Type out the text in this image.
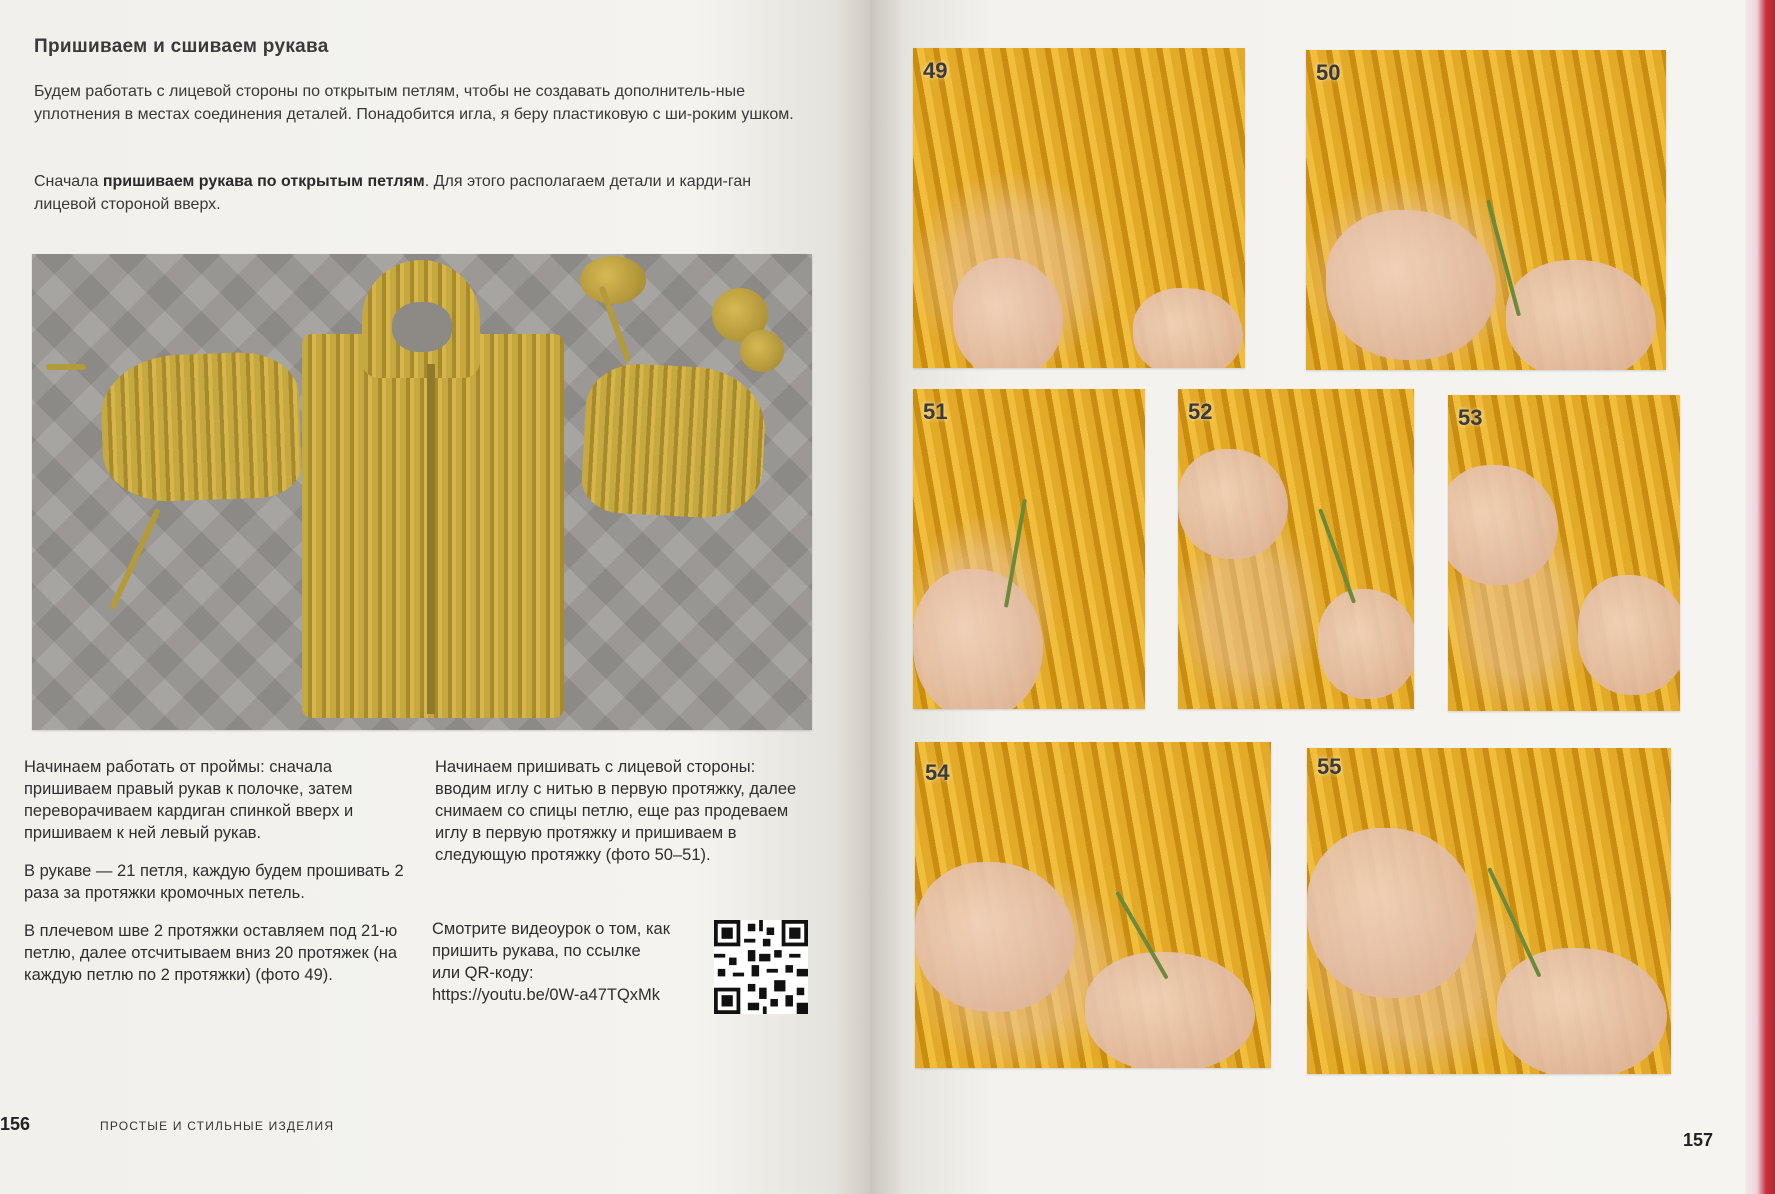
Пришиваем и сшиваем рукава
Будем работать с лицевой стороны по открытым петлям, чтобы не создавать дополнитель-ные уплотнения в местах соединения деталей. Понадобится игла, я беру пластиковую с ши-роким ушком.
Сначала пришиваем рукава по открытым петлям. Для этого располагаем детали и карди-ган лицевой стороной вверх.

Начинаем работать от проймы: сначала пришиваем правый рукав к полочке, затем переворачиваем кардиган спинкой вверх и пришиваем к ней левый рукав.

В рукаве — 21 петля, каждую будем прошивать 2 раза за протяжки кромочных петель.

В плечевом шве 2 протяжки оставляем под 21-ю петлю, далее отсчитываем вниз 20 протяжек (на каждую петлю по 2 протяжки) (фото 49).

Начинаем пришивать с лицевой стороны: вводим иглу с нитью в первую протяжку, далее снимаем со спицы петлю, еще раз продеваем иглу в первую протяжку и пришиваем в следующую протяжку (фото 50–51).

Смотрите видеоурок о том, как пришить рукава, по ссылке или QR-коду: https://youtu.be/0W-a47TQxMk
156	ПРОСТЫЕ И СТИЛЬНЫЕ ИЗДЕЛИЯ
49	50
51	52	53
54	55
157
